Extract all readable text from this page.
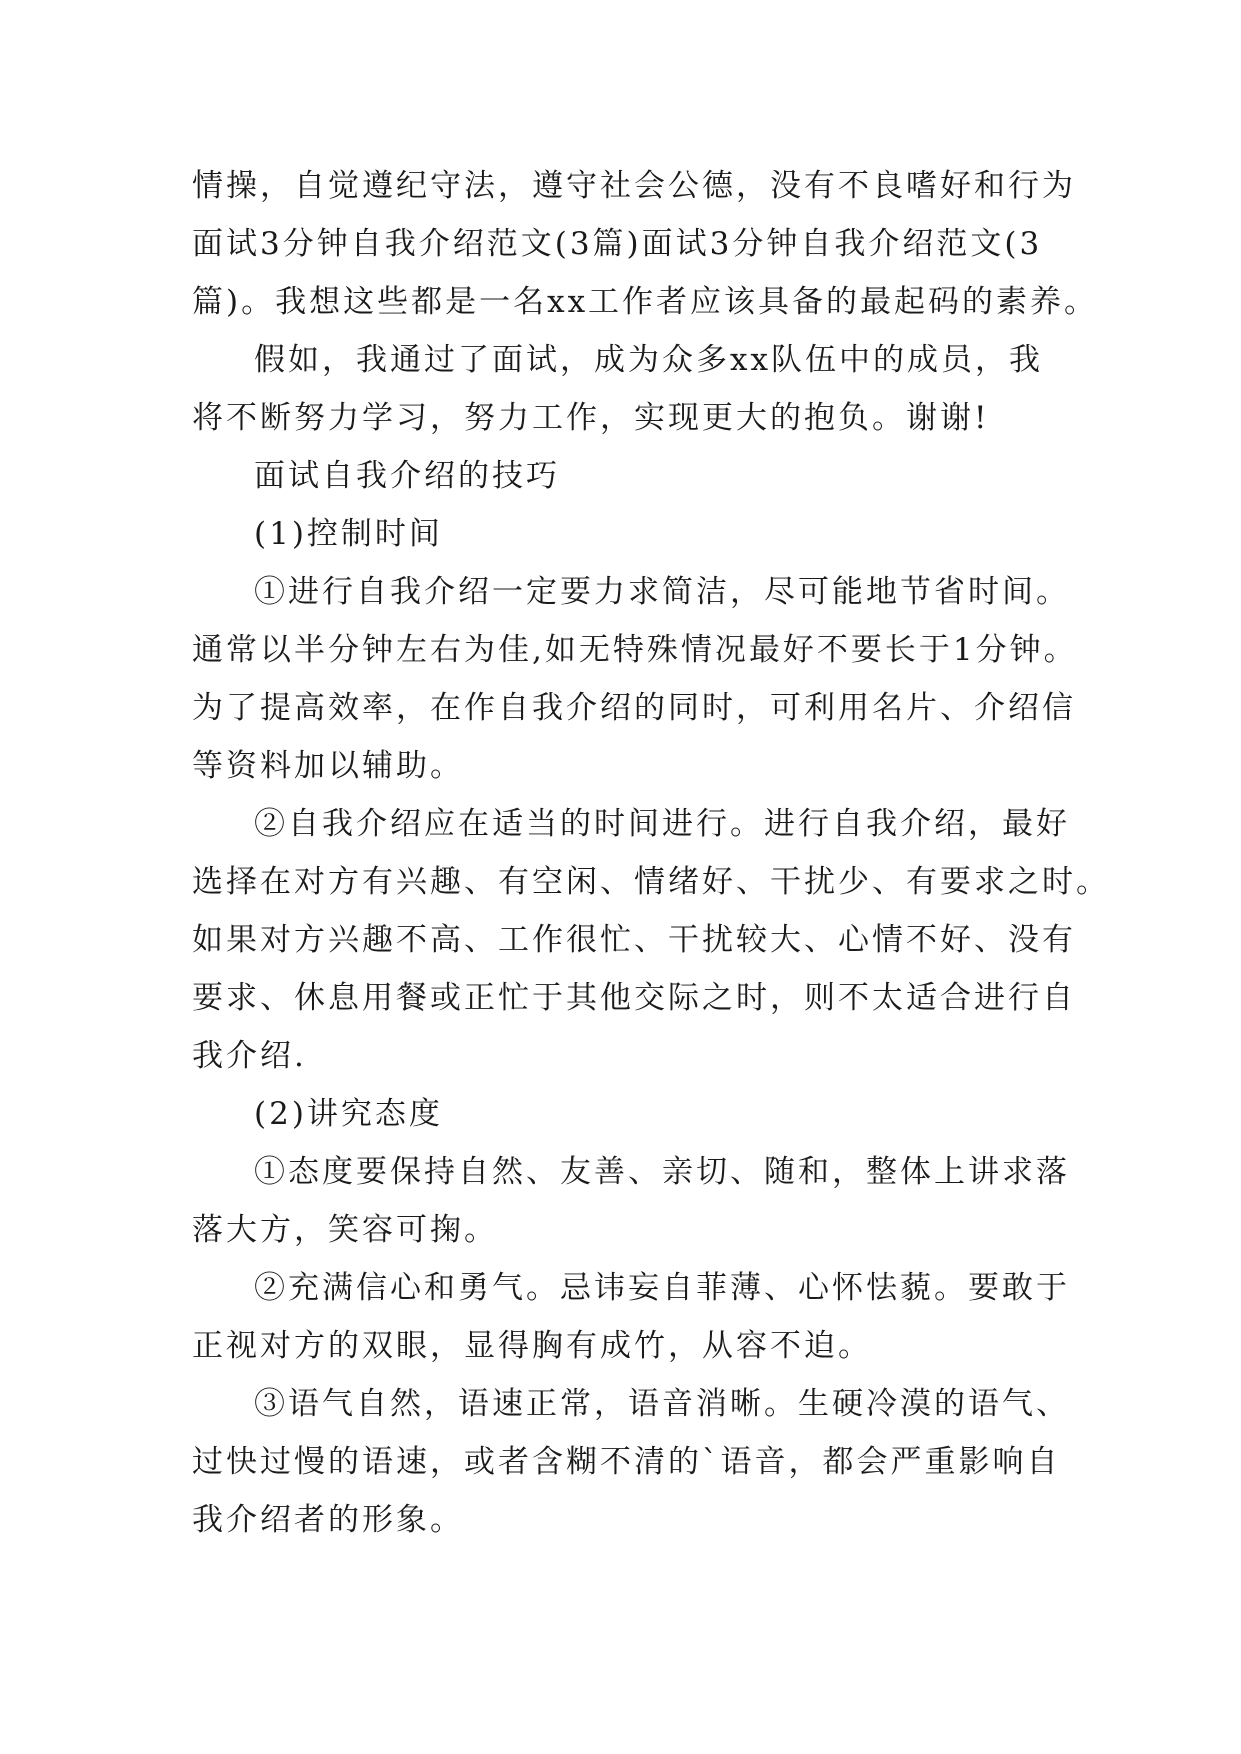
情操，自觉遵纪守法，遵守社会公德，没有不良嗜好和行为
面试3分钟自我介绍范文(3篇)面试3分钟自我介绍范文(3
篇)。我想这些都是一名xx工作者应该具备的最起码的素养。
假如，我通过了面试，成为众多xx队伍中的成员，我
将不断努力学习，努力工作，实现更大的抱负。谢谢!
面试自我介绍的技巧
(1)控制时间
①进行自我介绍一定要力求简洁，尽可能地节省时间。
通常以半分钟左右为佳,如无特殊情况最好不要长于1分钟。
为了提高效率，在作自我介绍的同时，可利用名片、介绍信
等资料加以辅助。
②自我介绍应在适当的时间进行。进行自我介绍，最好
选择在对方有兴趣、有空闲、情绪好、干扰少、有要求之时。
如果对方兴趣不高、工作很忙、干扰较大、心情不好、没有
要求、休息用餐或正忙于其他交际之时，则不太适合进行自
我介绍.
(2)讲究态度
①态度要保持自然、友善、亲切、随和，整体上讲求落
落大方，笑容可掬。
②充满信心和勇气。忌讳妄自菲薄、心怀怯藐。要敢于
正视对方的双眼，显得胸有成竹，从容不迫。
③语气自然，语速正常，语音消晰。生硬冷漠的语气、
过快过慢的语速，或者含糊不清的`语音，都会严重影响自
我介绍者的形象。
